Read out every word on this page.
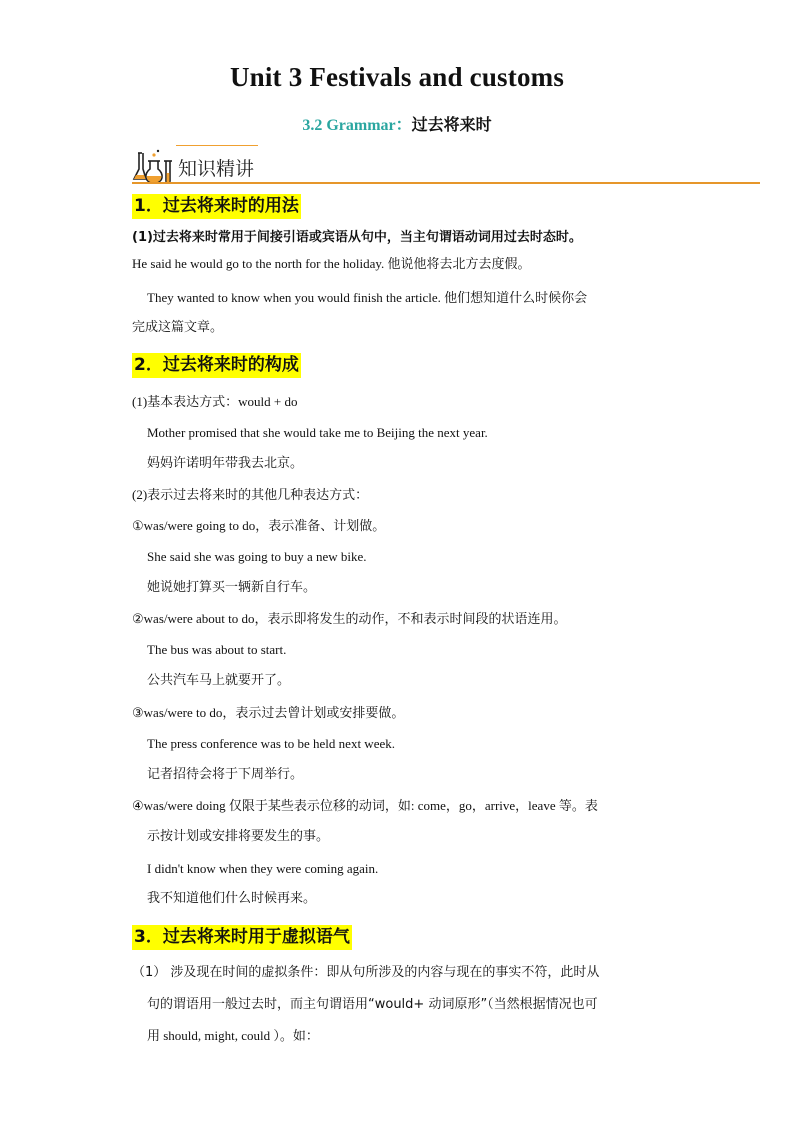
Unit 3 Festivals and customs
3.2 Grammar：过去将来时
知识精讲
1．过去将来时的用法
(1)过去将来时常用于间接引语或宾语从句中，当主句谓语动词用过去时态时。
He said he would go to the north for the holiday. 他说他将去北方去度假。
They wanted to know when you would finish the article. 他们想知道什么时候你会
完成这篇文章。
2．过去将来时的构成
(1)基本表达方式：would + do
Mother promised that she would take me to Beijing the next year.
妈妈许诺明年带我去北京。
(2)表示过去将来时的其他几种表达方式：
①was/were going to do，表示准备、计划做。
She said she was going to buy a new bike.
她说她打算买一辆新自行车。
②was/were about to do，表示即将发生的动作，不和表示时间段的状语连用。
The bus was about to start.
公共汽车马上就要开了。
③was/were to do，表示过去曾计划或安排要做。
The press conference was to be held next week.
记者招待会将于下周举行。
④was/were doing 仅限于某些表示位移的动词，如: come，go，arrive，leave 等。表
示按计划或安排将要发生的事。
I didn't know when they were coming again.
我不知道他们什么时候再来。
3．过去将来时用于虚拟语气
（1） 涉及现在时间的虚拟条件：即从句所涉及的内容与现在的事实不符，此时从
句的谓语用一般过去时，而主句谓语用“would+ 动词原形”（当然根据情况也可
用 should, might, could ）。如：
